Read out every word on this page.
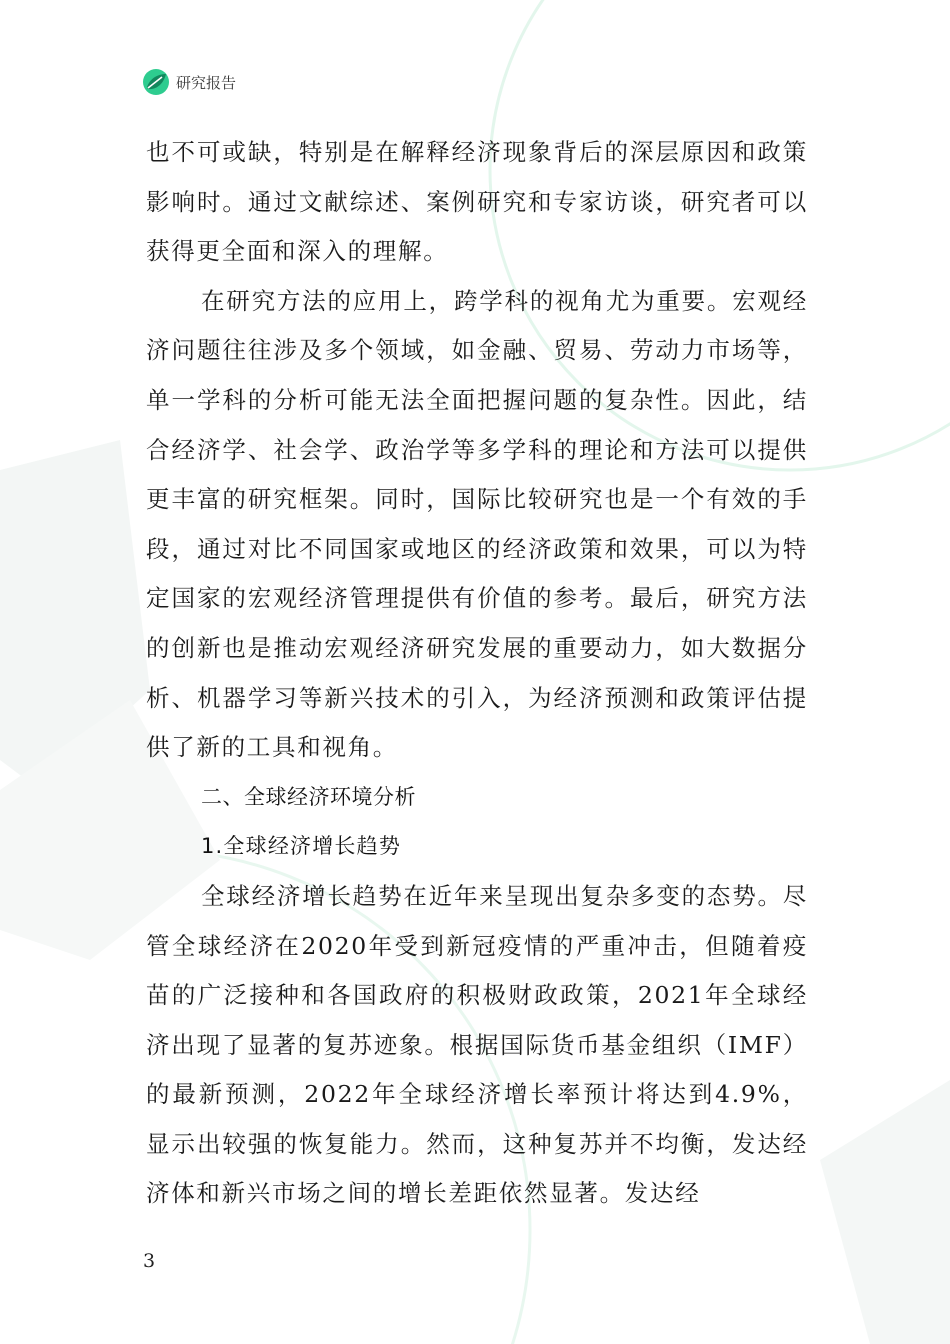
研究报告

也不可或缺，特别是在解释经济现象背后的深层原因和政策影响时。通过文献综述、案例研究和专家访谈，研究者可以获得更全面和深入的理解。

在研究方法的应用上，跨学科的视角尤为重要。宏观经济问题往往涉及多个领域，如金融、贸易、劳动力市场等，单一学科的分析可能无法全面把握问题的复杂性。因此，结合经济学、社会学、政治学等多学科的理论和方法可以提供更丰富的研究框架。同时，国际比较研究也是一个有效的手段，通过对比不同国家或地区的经济政策和效果，可以为特定国家的宏观经济管理提供有价值的参考。最后，研究方法的创新也是推动宏观经济研究发展的重要动力，如大数据分析、机器学习等新兴技术的引入，为经济预测和政策评估提供了新的工具和视角。

二、全球经济环境分析

1.全球经济增长趋势

全球经济增长趋势在近年来呈现出复杂多变的态势。尽管全球经济在2020年受到新冠疫情的严重冲击，但随着疫苗的广泛接种和各国政府的积极财政政策，2021年全球经济出现了显著的复苏迹象。根据国际货币基金组织（IMF）的最新预测，2022年全球经济增长率预计将达到4.9%，显示出较强的恢复能力。然而，这种复苏并不均衡，发达经济体和新兴市场之间的增长差距依然显著。发达经

3
